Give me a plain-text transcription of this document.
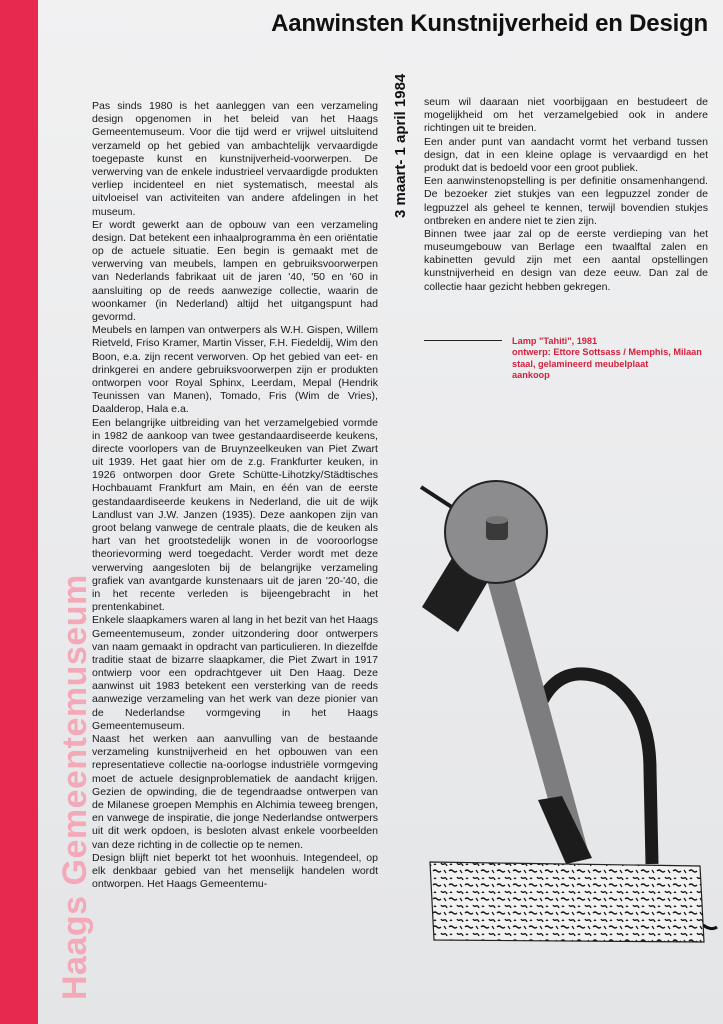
Aanwinsten Kunstnijverheid en Design
Haags Gemeentemuseum
3 maart- 1 april 1984

Pas sinds 1980 is het aanleggen van een verzameling design opgenomen in het beleid van het Haags Gemeentemuseum. Voor die tijd werd er vrijwel uitsluitend verzameld op het gebied van ambachtelijk vervaardigde toegepaste kunst en kunstnijverheid-voorwerpen. De verwerving van de enkele industrieel vervaardigde produkten verliep incidenteel en niet systematisch, meestal als uitvloeisel van activiteiten van andere afdelingen in het museum.

Er wordt gewerkt aan de opbouw van een verzameling design. Dat betekent een inhaalprogramma èn een oriëntatie op de actuele situatie. Een begin is gemaakt met de verwerving van meubels, lampen en gebruiksvoorwerpen van Nederlands fabrikaat uit de jaren '40, '50 en '60 in aansluiting op de reeds aanwezige collectie, waarin de woonkamer (in Nederland) altijd het uitgangspunt had gevormd.

Meubels en lampen van ontwerpers als W.H. Gispen, Willem Rietveld, Friso Kramer, Martin Visser, F.H. Fiedeldij, Wim den Boon, e.a. zijn recent verworven. Op het gebied van eet- en drinkgerei en andere gebruiksvoorwerpen zijn er produkten ontworpen voor Royal Sphinx, Leerdam, Mepal (Hendrik Teunissen van Manen), Tomado, Fris (Wim de Vries), Daalderop, Hala e.a.

Een belangrijke uitbreiding van het verzamelgebied vormde in 1982 de aankoop van twee gestandaardiseerde keukens, directe voorlopers van de Bruynzeelkeuken van Piet Zwart uit 1939. Het gaat hier om de z.g. Frankfurter keuken, in 1926 ontworpen door Grete Schütte-Lihotzky/Städtisches Hochbauamt Frankfurt am Main, en één van de eerste gestandaardiseerde keukens in Nederland, die uit de wijk Landlust van J.W. Janzen (1935). Deze aankopen zijn van groot belang vanwege de centrale plaats, die de keuken als hart van het grootstedelijk wonen in de vooroorlogse theorievorming werd toegedacht. Verder wordt met deze verwerving aangesloten bij de belangrijke verzameling grafiek van avantgarde kunstenaars uit de jaren '20-'40, die in het recente verleden is bijeengebracht in het prentenkabinet.

Enkele slaapkamers waren al lang in het bezit van het Haags Gemeentemuseum, zonder uitzondering door ontwerpers van naam gemaakt in opdracht van particulieren. In diezelfde traditie staat de bizarre slaapkamer, die Piet Zwart in 1917 ontwierp voor een opdrachtgever uit Den Haag. Deze aanwinst uit 1983 betekent een versterking van de reeds aanwezige verzameling van het werk van deze pionier van de Nederlandse vormgeving in het Haags Gemeentemuseum.

Naast het werken aan aanvulling van de bestaande verzameling kunstnijverheid en het opbouwen van een representatieve collectie na-oorlogse industriële vormgeving moet de actuele designproblematiek de aandacht krijgen. Gezien de opwinding, die de tegendraadse ontwerpen van de Milanese groepen Memphis en Alchimia teweeg brengen, en vanwege de inspiratie, die jonge Nederlandse ontwerpers uit dit werk opdoen, is besloten alvast enkele voorbeelden van deze richting in de collectie op te nemen.

Design blijft niet beperkt tot het woonhuis. Integendeel, op elk denkbaar gebied van het menselijk handelen wordt ontworpen. Het Haags Gemeentemu-

seum wil daaraan niet voorbijgaan en bestudeert de mogelijkheid om het verzamelgebied ook in andere richtingen uit te breiden.

Een ander punt van aandacht vormt het verband tussen design, dat in een kleine oplage is vervaardigd en het produkt dat is bedoeld voor een groot publiek.

Een aanwinstenopstelling is per definitie onsamenhangend. De bezoeker ziet stukjes van een legpuzzel zonder de legpuzzel als geheel te kennen, terwijl bovendien stukjes ontbreken en andere niet te zien zijn.

Binnen twee jaar zal op de eerste verdieping van het museumgebouw van Berlage een twaalftal zalen en kabinetten gevuld zijn met een aantal opstellingen kunstnijverheid en design van deze eeuw. Dan zal de collectie haar gezicht hebben gekregen.

Lamp "Tahiti", 1981
ontwerp: Ettore Sottsass / Memphis, Milaan
staal, gelamineerd meubelplaat
aankoop
